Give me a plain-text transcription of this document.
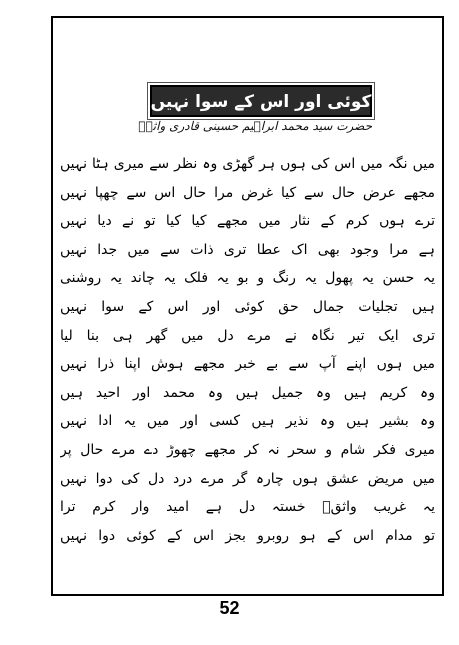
کوئی اور اس کے سوا نہیں
حضرت سید محمد ابراہیم حسینی قادری واثقؔ
میں نگہ میں اس کی ہوں ہر گھڑی وہ نظر سے میری ہٹا نہیں
مجھے عرض حال سے کیا غرض مرا حال اس سے چھپا نہیں
ترے ہوں کرم کے نثار میں مجھے کیا کیا تو نے دیا نہیں
ہے مرا وجود بھی اک عطا تری ذات سے میں جدا نہیں
یہ حسن یہ پھول یہ رنگ و بو یہ فلک یہ چاند یہ روشنی
ہیں تجلیات جمال حق کوئی اور اس کے سوا نہیں
تری ایک تیر نگاہ نے مرے دل میں گھر ہی بنا لیا
میں ہوں اپنے آپ سے بے خبر مجھے ہوش اپنا ذرا نہیں
وہ کریم ہیں وہ جمیل ہیں وہ محمد اور احید ہیں
وہ بشیر ہیں وہ نذیر ہیں کسی اور میں یہ ادا نہیں
میری فکر شام و سحر نہ کر مجھے چھوڑ دے مرے حال پر
میں مریض عشق ہوں چارہ گر مرے درد دل کی دوا نہیں
یہ غریب واثقؔ خستہ دل ہے امید وار کرم ترا
تو مدام اس کے ہو روبرو بجز اس کے کوئی دوا نہیں
52
